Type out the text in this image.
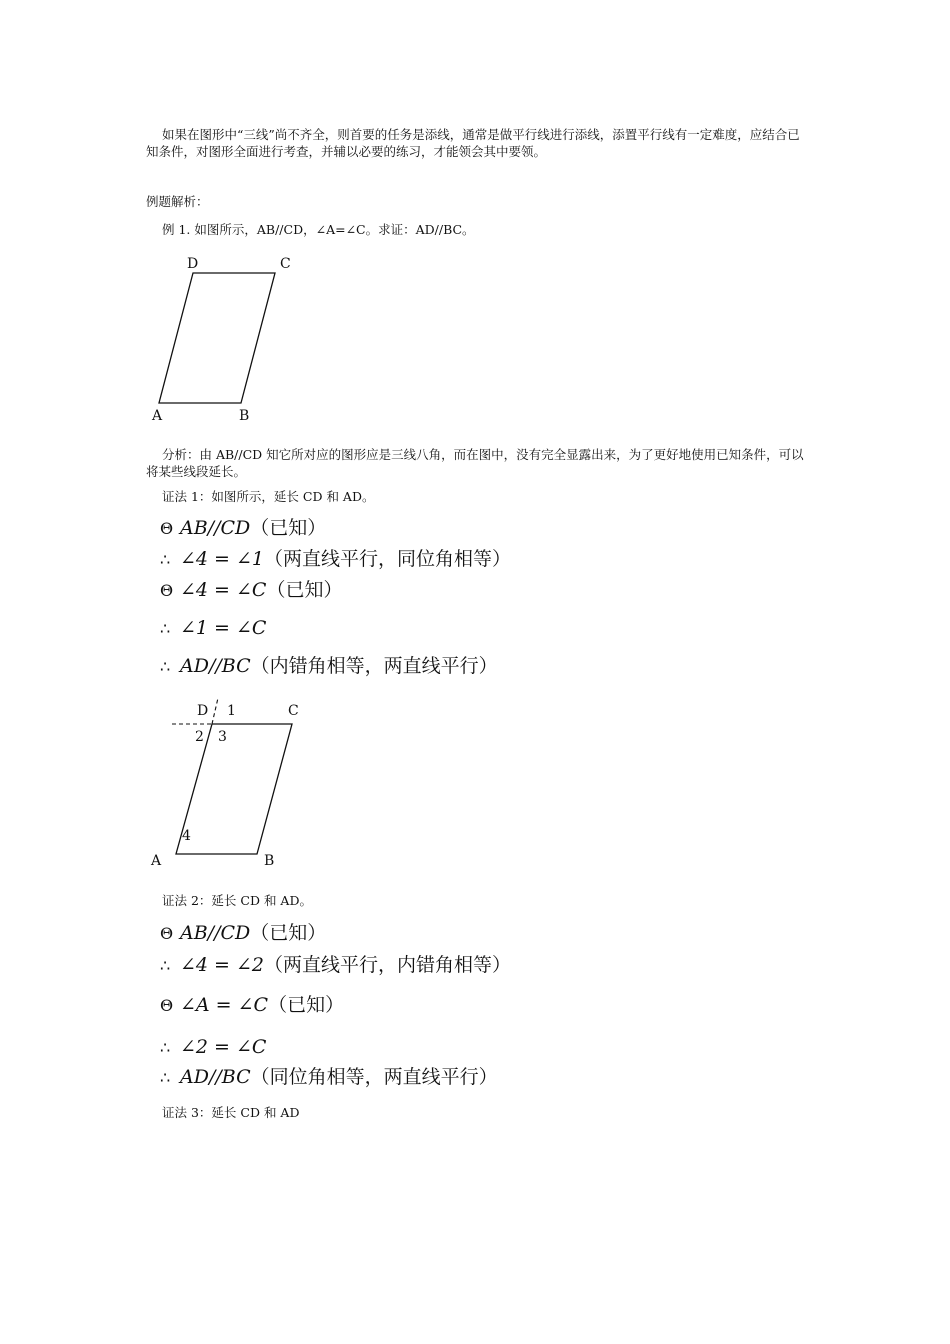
如果在图形中“三线”尚不齐全，则首要的任务是添线，通常是做平行线进行添线，添置平行线有一定难度，应结合已知条件，对图形全面进行考查，并辅以必要的练习，才能领会其中要领。
例题解析：
例 1. 如图所示，AB//CD，∠A=∠C。求证：AD//BC。
D	C
A	B
分析：由 AB//CD 知它所对应的图形应是三线八角，而在图中，没有完全显露出来，为了更好地使用已知条件，可以将某些线段延长。
证法 1：如图所示，延长 CD 和 AD。
Θ AB//CD（已知）
∴ ∠4 = ∠1（两直线平行，同位角相等）
Θ ∠4 = ∠C（已知）
∴ ∠1 = ∠C
∴ AD//BC（内错角相等，两直线平行）
D 1	C
2 3
4
A	B
证法 2：延长 CD 和 AD。
Θ AB//CD（已知）
∴ ∠4 = ∠2（两直线平行，内错角相等）
Θ ∠A = ∠C（已知）
∴ ∠2 = ∠C
∴ AD//BC（同位角相等，两直线平行）
证法 3：延长 CD 和 AD
